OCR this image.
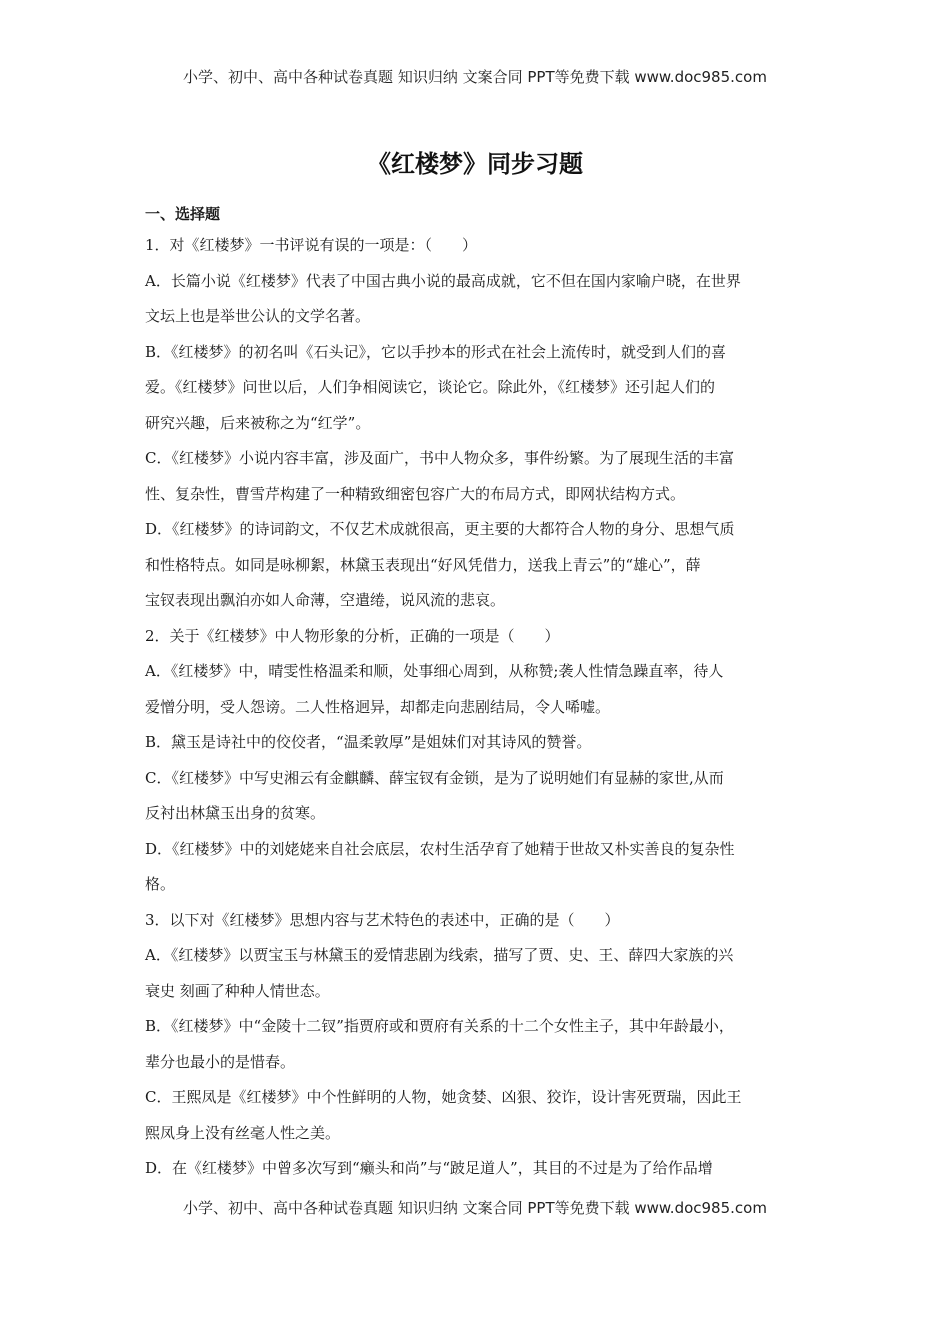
小学、初中、高中各种试卷真题 知识归纳 文案合同 PPT等免费下载 www.doc985.com
《红楼梦》同步习题
一、选择题
1．对《红楼梦》一书评说有误的一项是：（　　）
A．长篇小说《红楼梦》代表了中国古典小说的最高成就，它不但在国内家喻户晓，在世界
文坛上也是举世公认的文学名著。
B．《红楼梦》的初名叫《石头记》，它以手抄本的形式在社会上流传时，就受到人们的喜
爱。《红楼梦》问世以后，人们争相阅读它，谈论它。除此外，《红楼梦》还引起人们的
研究兴趣，后来被称之为“红学”。
C．《红楼梦》小说内容丰富，涉及面广，书中人物众多，事件纷繁。为了展现生活的丰富
性、复杂性，曹雪芹构建了一种精致细密包容广大的布局方式，即网状结构方式。
D．《红楼梦》的诗词韵文，不仅艺术成就很高，更主要的大都符合人物的身分、思想气质
和性格特点。如同是咏柳絮，林黛玉表现出“好风凭借力，送我上青云”的“雄心”，薛
宝钗表现出飘泊亦如人命薄，空遣绻，说风流的悲哀。
2．关于《红楼梦》中人物形象的分析，正确的一项是（　　）
A．《红楼梦》中，晴雯性格温柔和顺，处事细心周到，从称赞;袭人性情急躁直率，待人
爱憎分明，受人怨谤。二人性格迥异，却都走向悲剧结局，令人唏嘘。
B．黛玉是诗社中的佼佼者，“温柔敦厚”是姐妹们对其诗风的赞誉。
C．《红楼梦》中写史湘云有金麒麟、薛宝钗有金锁，是为了说明她们有显赫的家世,从而
反衬出林黛玉出身的贫寒。
D．《红楼梦》中的刘姥姥来自社会底层，农村生活孕育了她精于世故又朴实善良的复杂性
格。
3．以下对《红楼梦》思想内容与艺术特色的表述中，正确的是（　　）
A．《红楼梦》以贾宝玉与林黛玉的爱情悲剧为线索，描写了贾、史、王、薛四大家族的兴
衰史 刻画了种种人情世态。
B．《红楼梦》中“金陵十二钗”指贾府或和贾府有关系的十二个女性主子，其中年龄最小，
辈分也最小的是惜春。
C．王熙凤是《红楼梦》中个性鲜明的人物，她贪婪、凶狠、狡诈，设计害死贾瑞，因此王
熙凤身上没有丝毫人性之美。
D．在《红楼梦》中曾多次写到“癞头和尚”与“跛足道人”，其目的不过是为了给作品增
小学、初中、高中各种试卷真题 知识归纳 文案合同 PPT等免费下载 www.doc985.com
